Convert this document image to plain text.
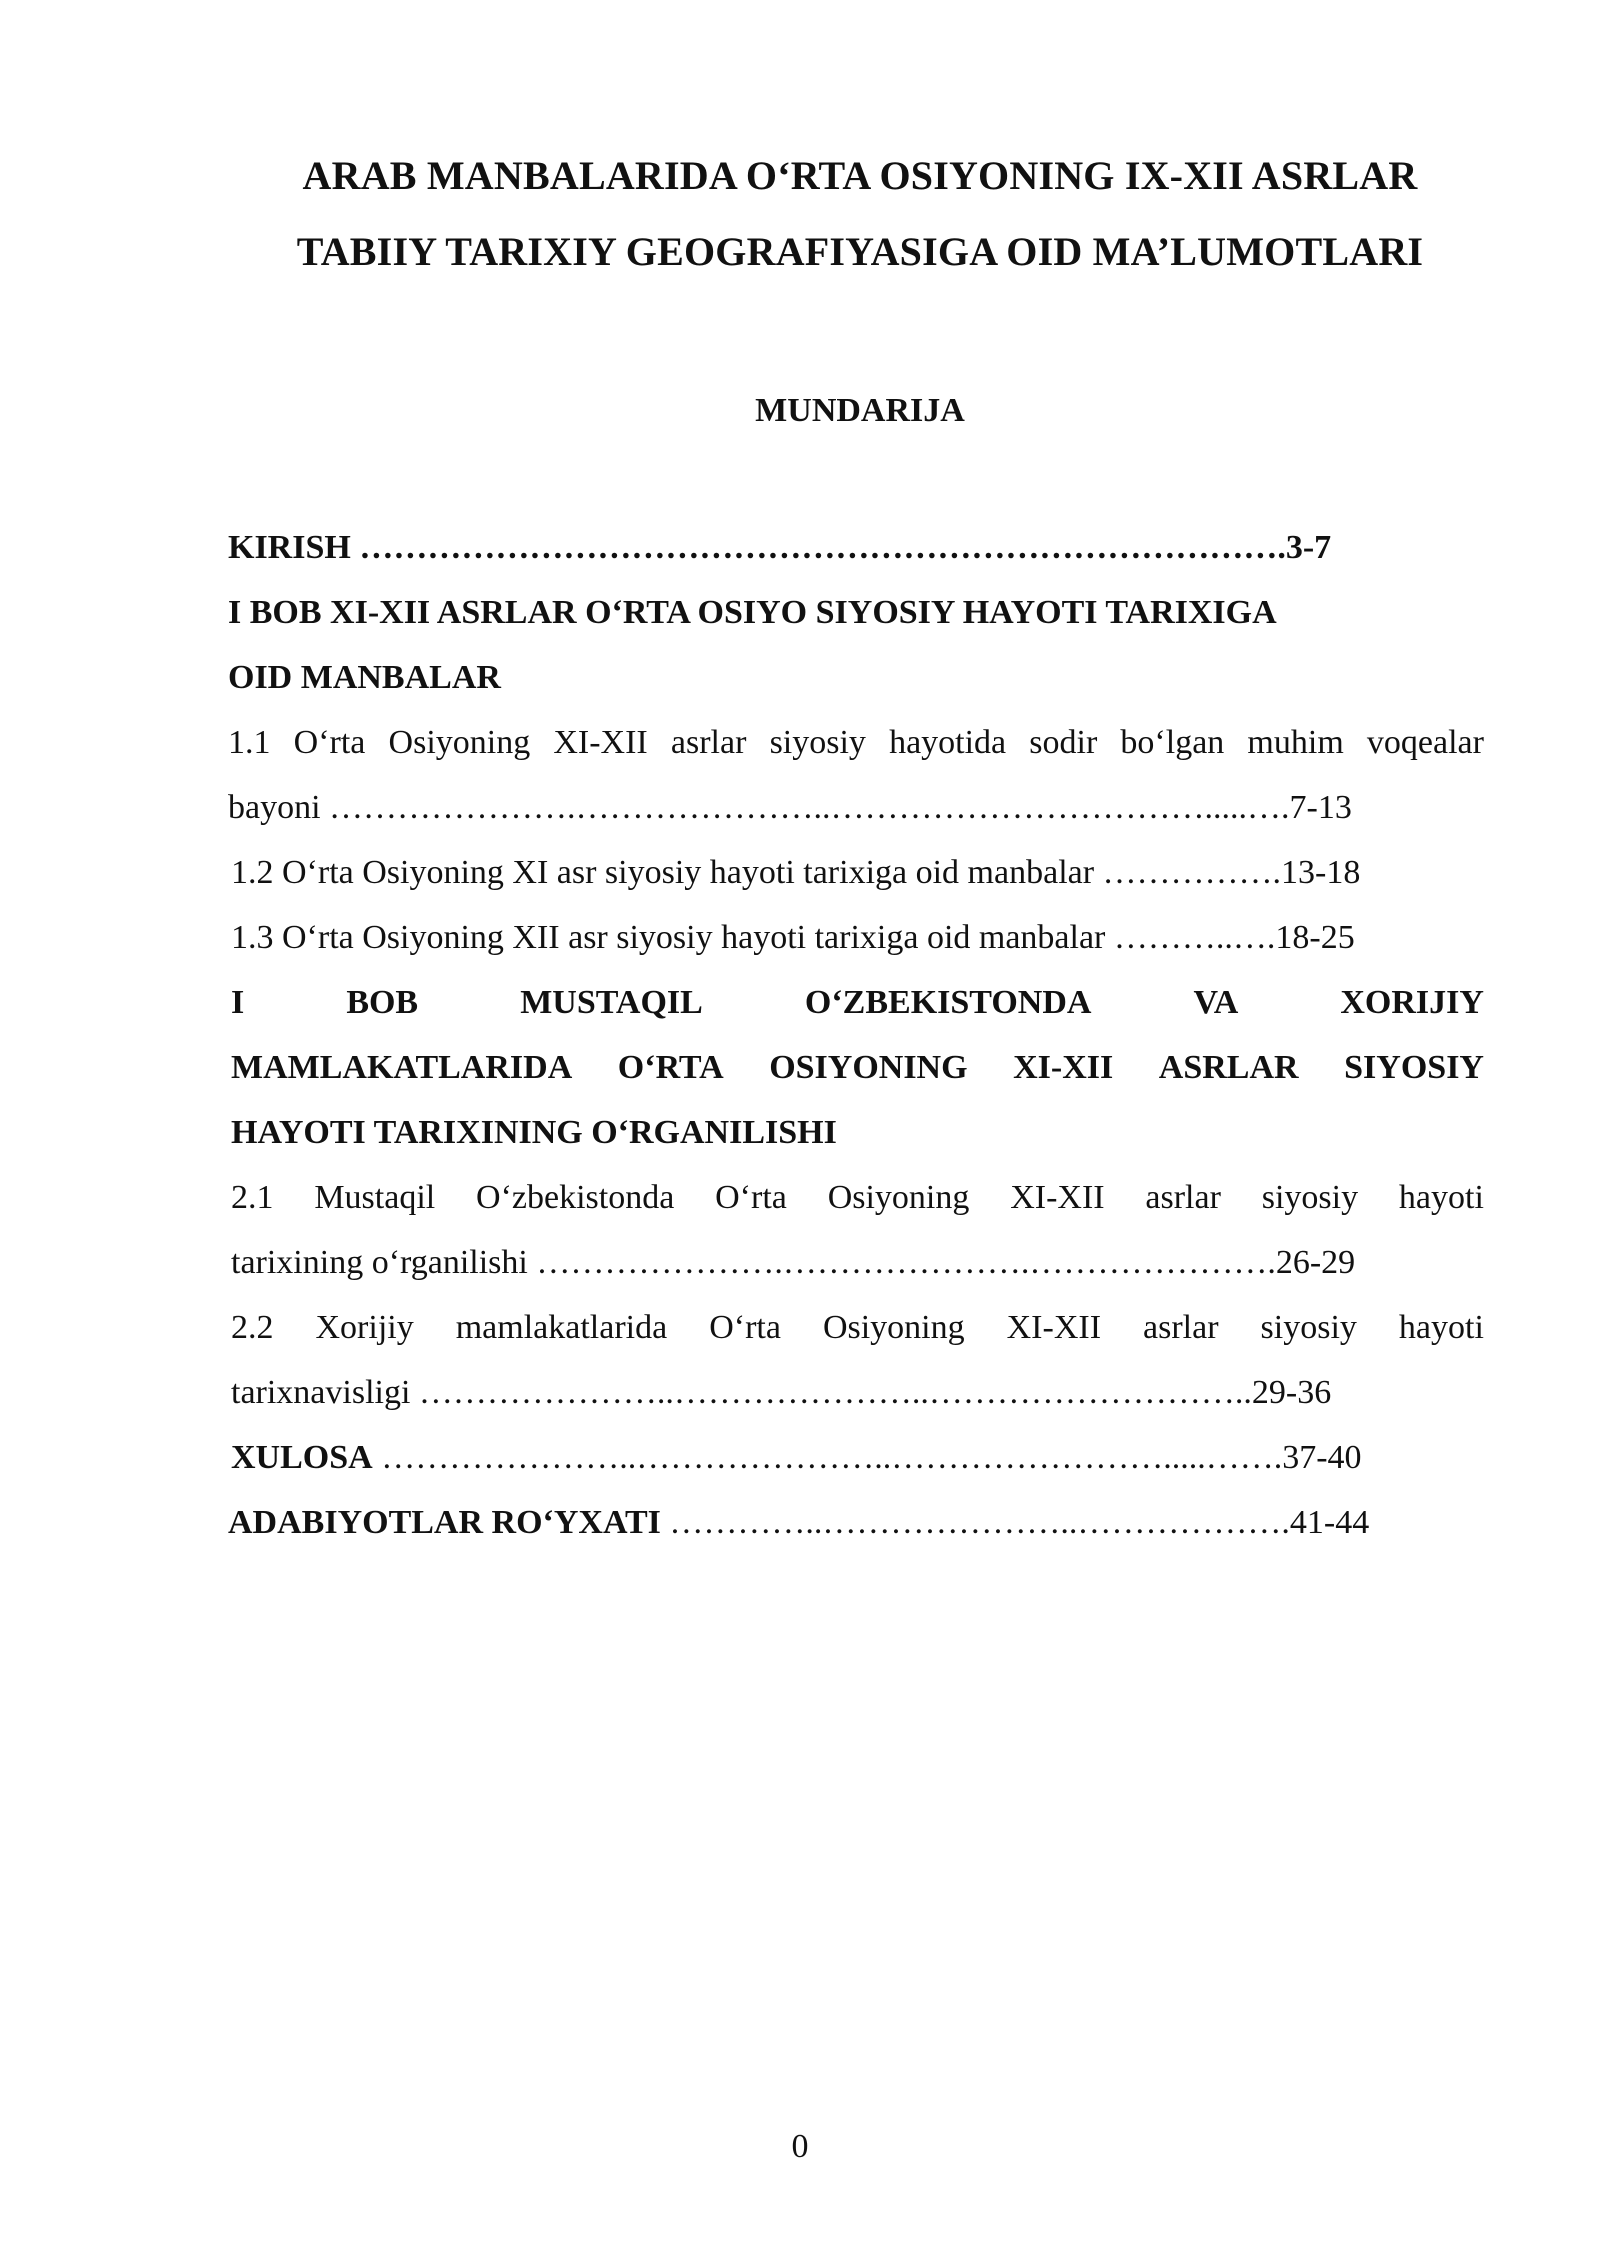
ARAB MANBALARIDA O‘RTA OSIYONING IX-XII ASRLAR
TABIIY TARIXIY GEOGRAFIYASIGA OID MA’LUMOTLARI
MUNDARIJA
KIRISH ……………………………………………………………………….3-7
I BOB XI-XII ASRLAR O‘RTA OSIYO SIYOSIY HAYOTI TARIXIGA
OID MANBALAR
1.1 O‘rta Osiyoning XI-XII asrlar siyosiy hayotida sodir bo‘lgan muhim voqealar
bayoni ………………….…………………..…………………………….....….7-13
1.2 O‘rta Osiyoning XI asr siyosiy hayoti tarixiga oid manbalar …………….13-18
1.3 O‘rta Osiyoning XII asr siyosiy hayoti tarixiga oid manbalar ………..….18-25
I	BOB	MUSTAQIL	O‘ZBEKISTONDA	VA	XORIJIY
MAMLAKATLARIDA O‘RTA OSIYONING XI-XII ASRLAR SIYOSIY
HAYOTI TARIXINING O‘RGANILISHI
2.1 Mustaqil O‘zbekistonda O‘rta Osiyoning XI-XII asrlar siyosiy hayoti
tarixining o‘rganilishi ………………….………………….………………….26-29
2.2 Xorijiy mamlakatlarida O‘rta Osiyoning XI-XII asrlar siyosiy hayoti
tarixnavisligi …………………..…………………..………………………..29-36
XULOSA …………………..…………………..…………………….....…….37-40
ADABIYOTLAR RO‘YXATI …………..…………………..……………….41-44
0
